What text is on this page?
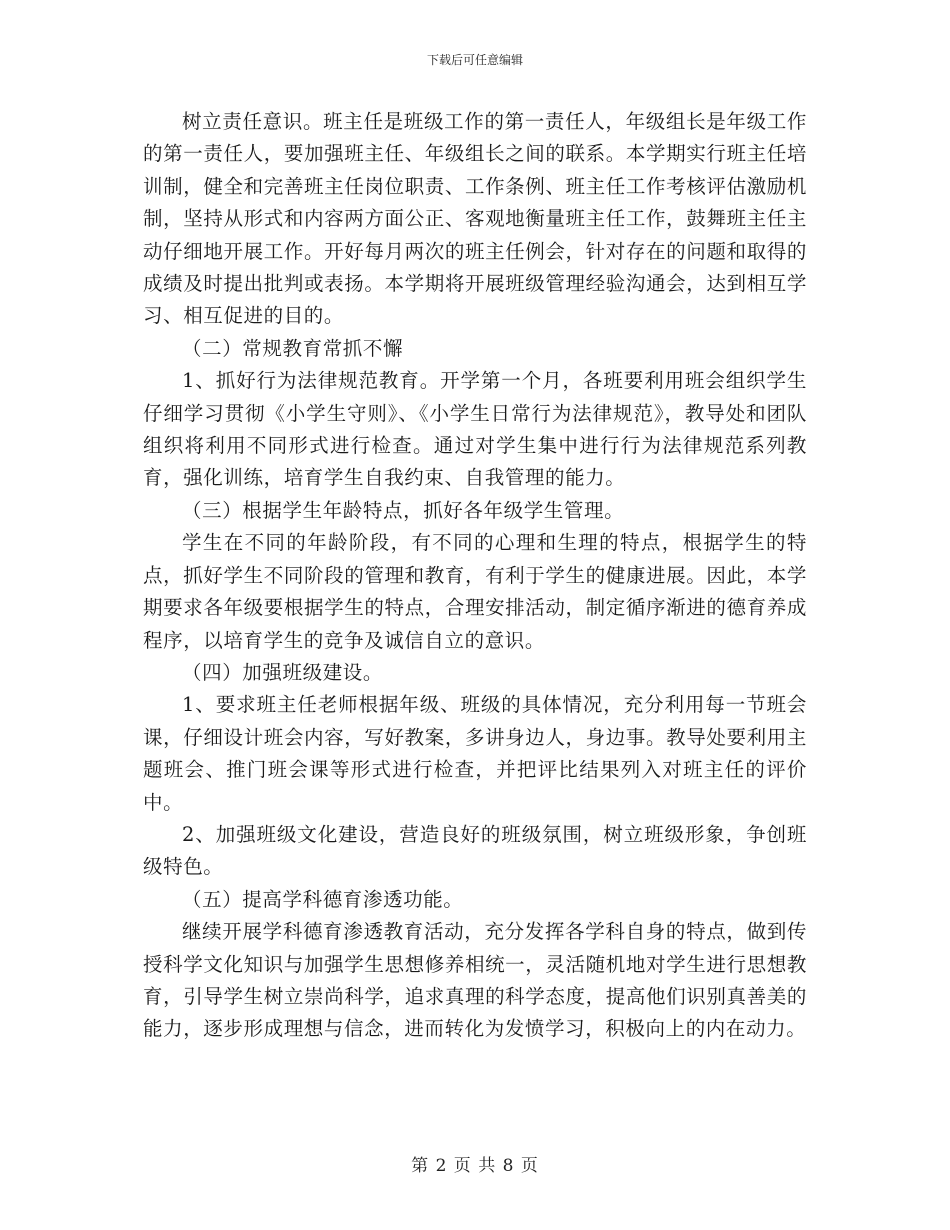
下载后可任意编辑

树立责任意识。班主任是班级工作的第一责任人，年级组长是年级工作的第一责任人，要加强班主任、年级组长之间的联系。本学期实行班主任培训制，健全和完善班主任岗位职责、工作条例、班主任工作考核评估激励机制，坚持从形式和内容两方面公正、客观地衡量班主任工作，鼓舞班主任主动仔细地开展工作。开好每月两次的班主任例会，针对存在的问题和取得的成绩及时提出批判或表扬。本学期将开展班级管理经验沟通会，达到相互学习、相互促进的目的。

（二）常规教育常抓不懈

1、抓好行为法律规范教育。开学第一个月，各班要利用班会组织学生仔细学习贯彻《小学生守则》、《小学生日常行为法律规范》，教导处和团队组织将利用不同形式进行检查。通过对学生集中进行行为法律规范系列教育，强化训练，培育学生自我约束、自我管理的能力。

（三）根据学生年龄特点，抓好各年级学生管理。

学生在不同的年龄阶段，有不同的心理和生理的特点，根据学生的特点，抓好学生不同阶段的管理和教育，有利于学生的健康进展。因此，本学期要求各年级要根据学生的特点，合理安排活动，制定循序渐进的德育养成程序，以培育学生的竞争及诚信自立的意识。

（四）加强班级建设。

1、要求班主任老师根据年级、班级的具体情况，充分利用每一节班会课，仔细设计班会内容，写好教案，多讲身边人，身边事。教导处要利用主题班会、推门班会课等形式进行检查，并把评比结果列入对班主任的评价中。

2、加强班级文化建设，营造良好的班级氛围，树立班级形象，争创班级特色。

（五）提高学科德育渗透功能。

继续开展学科德育渗透教育活动，充分发挥各学科自身的特点，做到传授科学文化知识与加强学生思想修养相统一，灵活随机地对学生进行思想教育，引导学生树立崇尚科学，追求真理的科学态度，提高他们识别真善美的能力，逐步形成理想与信念，进而转化为发愤学习，积极向上的内在动力。

第 2 页 共 8 页
